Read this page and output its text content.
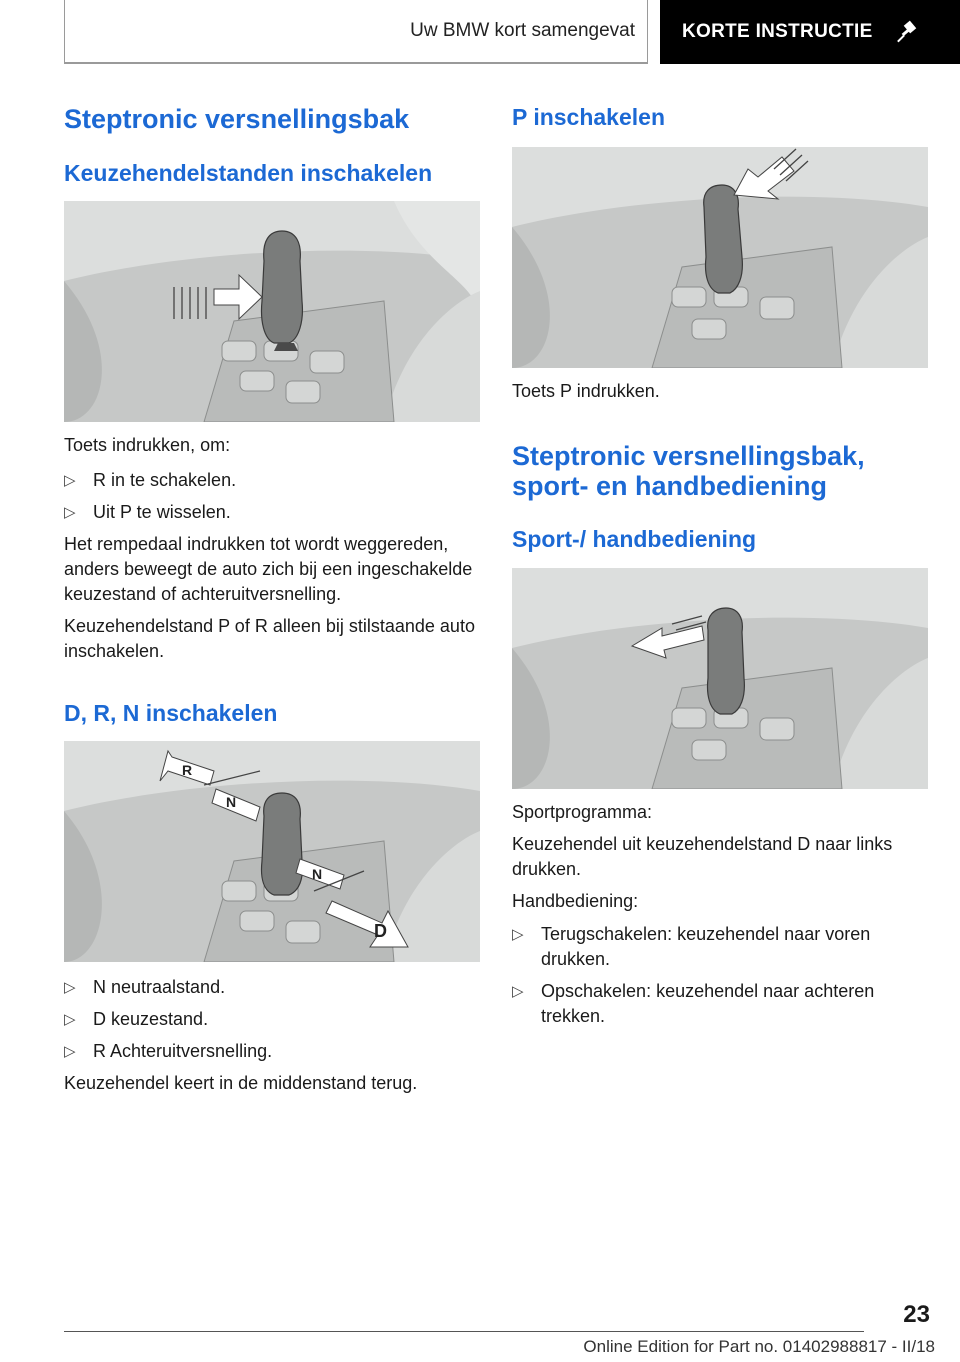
Uw BMW kort samengevat KORTE INSTRUCTIE
Steptronic versnellingsbak
Keuzehendelstanden inschakelen

Toets indrukken, om:

▷ R in te schakelen.
▷ Uit P te wisselen.

Het rempedaal indrukken tot wordt weggereden, anders beweegt de auto zich bij een ingeschakelde keuzestand of achteruitversnelling.

Keuzehendelstand P of R alleen bij stilstaande auto inschakelen.

D, R, N inschakelen
R
N
N
D
▷ N neutraalstand.
▷ D keuzestand.
▷ R Achteruitversnelling.

Keuzehendel keert in de middenstand terug.

P inschakelen

Toets P indrukken.

Steptronic versnellingsbak, sport- en handbediening
Sport-/ handbediening

Sportprogramma:

Keuzehendel uit keuzehendelstand D naar links drukken.

Handbediening:

▷ Terugschakelen: keuzehendel naar voren drukken.
▷ Opschakelen: keuzehendel naar achteren trekken.
23
Online Edition for Part no. 01402988817 - II/18
